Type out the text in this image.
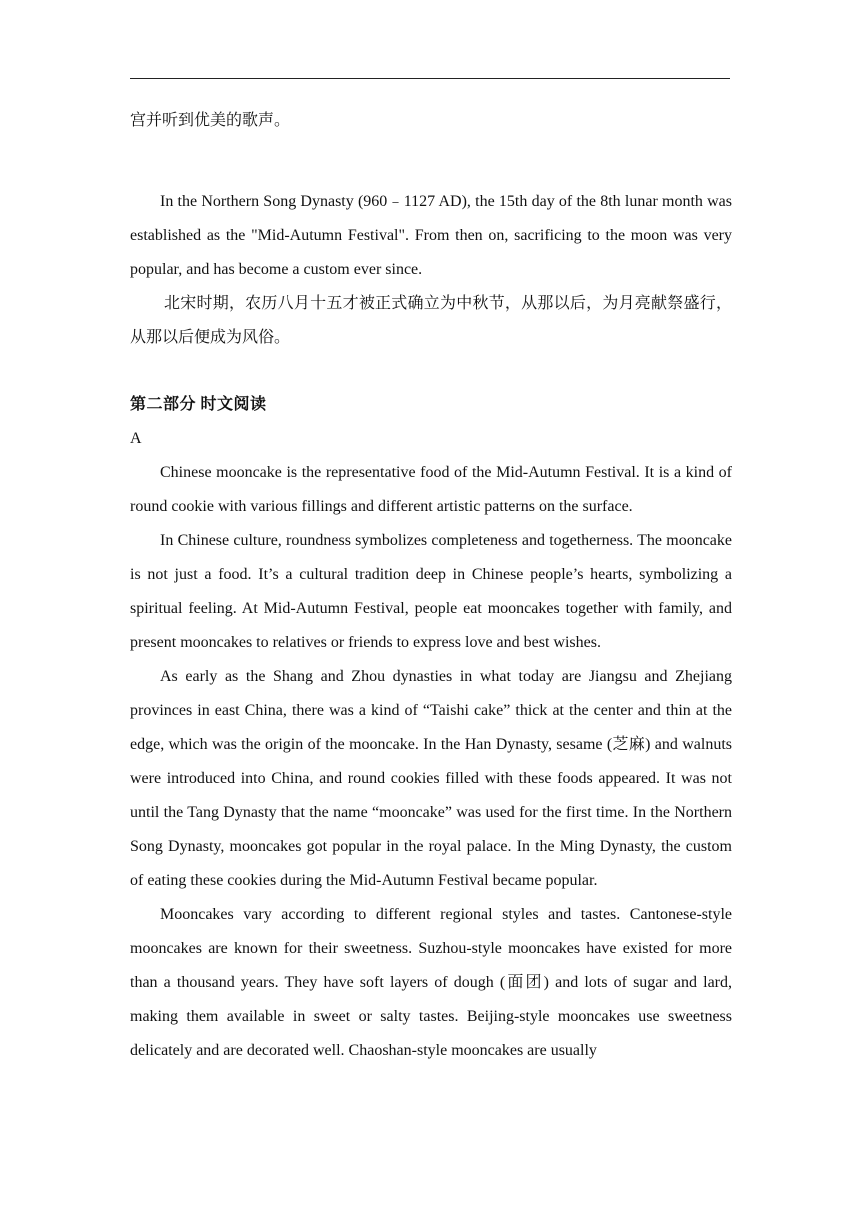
宫并听到优美的歌声。

In the Northern Song Dynasty (960﹣1127 AD), the 15th day of the 8th lunar month was established as the "Mid-Autumn Festival". From then on, sacrificing to the moon was very popular, and has become a custom ever since.

北宋时期，农历八月十五才被正式确立为中秋节，从那以后，为月亮献祭盛行，从那以后便成为风俗。

第二部分 时文阅读

A

Chinese mooncake is the representative food of the Mid-Autumn Festival. It is a kind of round cookie with various fillings and different artistic patterns on the surface.

In Chinese culture, roundness symbolizes completeness and togetherness. The mooncake is not just a food. It’s a cultural tradition deep in Chinese people’s hearts, symbolizing a spiritual feeling. At Mid-Autumn Festival, people eat mooncakes together with family, and present mooncakes to relatives or friends to express love and best wishes.

As early as the Shang and Zhou dynasties in what today are Jiangsu and Zhejiang provinces in east China, there was a kind of “Taishi cake” thick at the center and thin at the edge, which was the origin of the mooncake. In the Han Dynasty, sesame (芝麻) and walnuts were introduced into China, and round cookies filled with these foods appeared. It was not until the Tang Dynasty that the name “mooncake” was used for the first time. In the Northern Song Dynasty, mooncakes got popular in the royal palace. In the Ming Dynasty, the custom of eating these cookies during the Mid-Autumn Festival became popular.

Mooncakes vary according to different regional styles and tastes. Cantonese-style mooncakes are known for their sweetness. Suzhou-style mooncakes have existed for more than a thousand years. They have soft layers of dough (面团) and lots of sugar and lard, making them available in sweet or salty tastes. Beijing-style mooncakes use sweetness delicately and are decorated well. Chaoshan-style mooncakes are usually
